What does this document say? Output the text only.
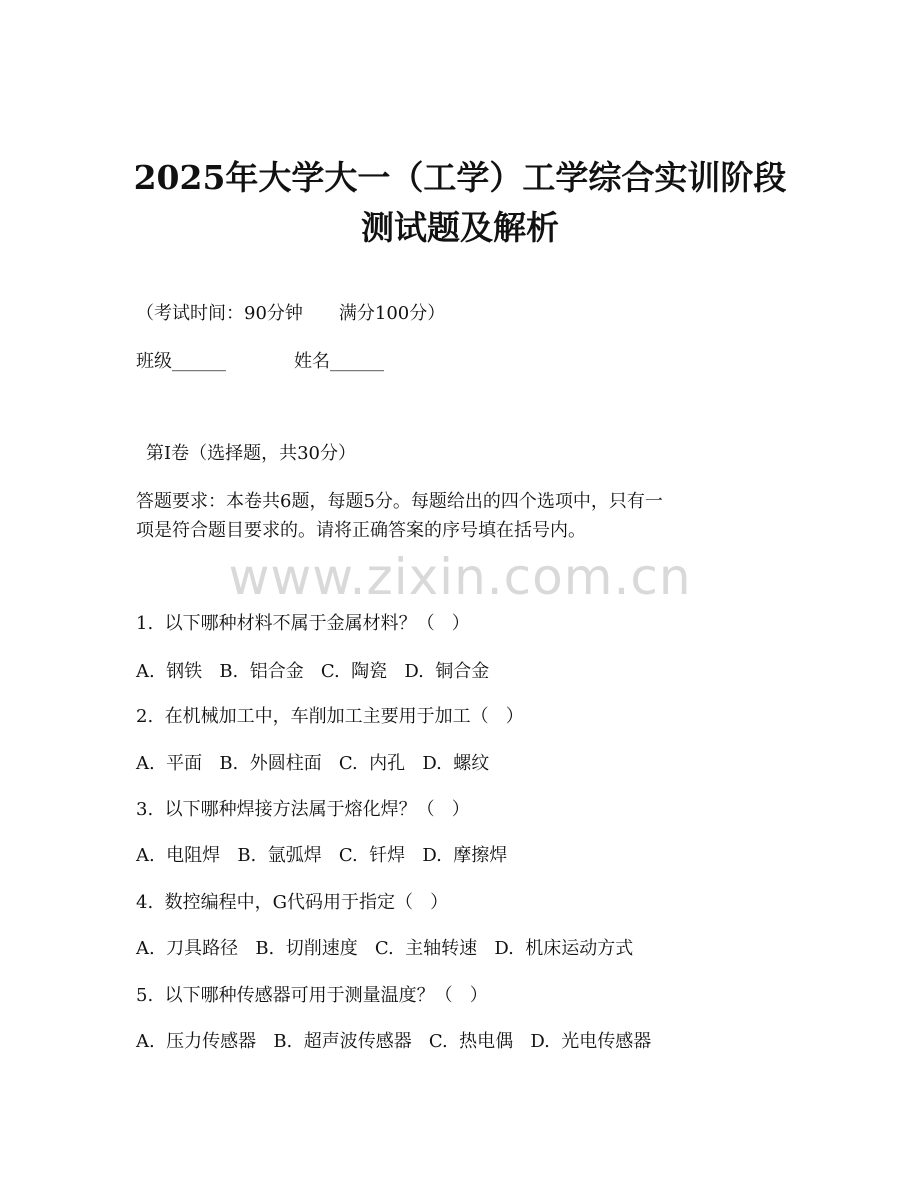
2025年大学大一（工学）工学综合实训阶段
测试题及解析

（考试时间：90分钟　　满分100分）

班级______	姓名______

第Ⅰ卷（选择题，共30分）

答题要求：本卷共6题，每题5分。每题给出的四个选项中，只有一

项是符合题目要求的。请将正确答案的序号填在括号内。

www.zixin.com.cn

1.  以下哪种材料不属于金属材料？（   ）

A.  钢铁   B.  铝合金   C.  陶瓷   D.  铜合金

2.  在机械加工中，车削加工主要用于加工（   ）

A.  平面   B.  外圆柱面   C.  内孔   D.  螺纹

3.  以下哪种焊接方法属于熔化焊？（   ）

A.  电阻焊   B.  氩弧焊   C.  钎焊   D.  摩擦焊

4.  数控编程中，G代码用于指定（   ）

A.  刀具路径   B.  切削速度   C.  主轴转速   D.  机床运动方式

5.  以下哪种传感器可用于测量温度？（   ）

A.  压力传感器   B.  超声波传感器   C.  热电偶   D.  光电传感器
